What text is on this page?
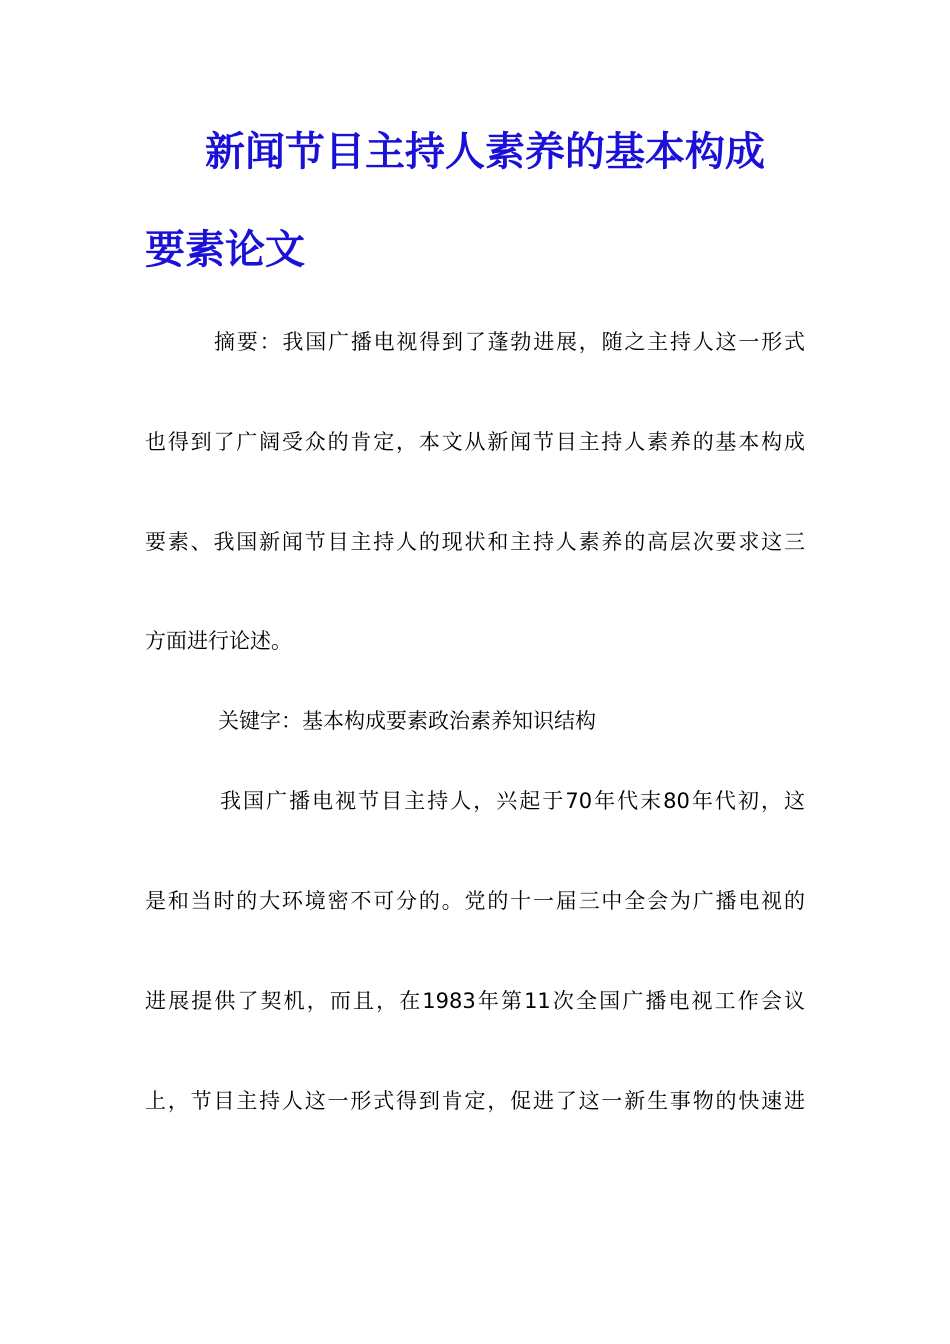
新闻节目主持人素养的基本构成
要素论文
摘要：我国广播电视得到了蓬勃进展，随之主持人这一形式
也得到了广阔受众的肯定，本文从新闻节目主持人素养的基本构成
要素、我国新闻节目主持人的现状和主持人素养的高层次要求这三
方面进行论述。
关键字：基本构成要素政治素养知识结构
我国广播电视节目主持人，兴起于70年代末80年代初，这
是和当时的大环境密不可分的。党的十一届三中全会为广播电视的
进展提供了契机，而且，在1983年第11次全国广播电视工作会议
上，节目主持人这一形式得到肯定，促进了这一新生事物的快速进
